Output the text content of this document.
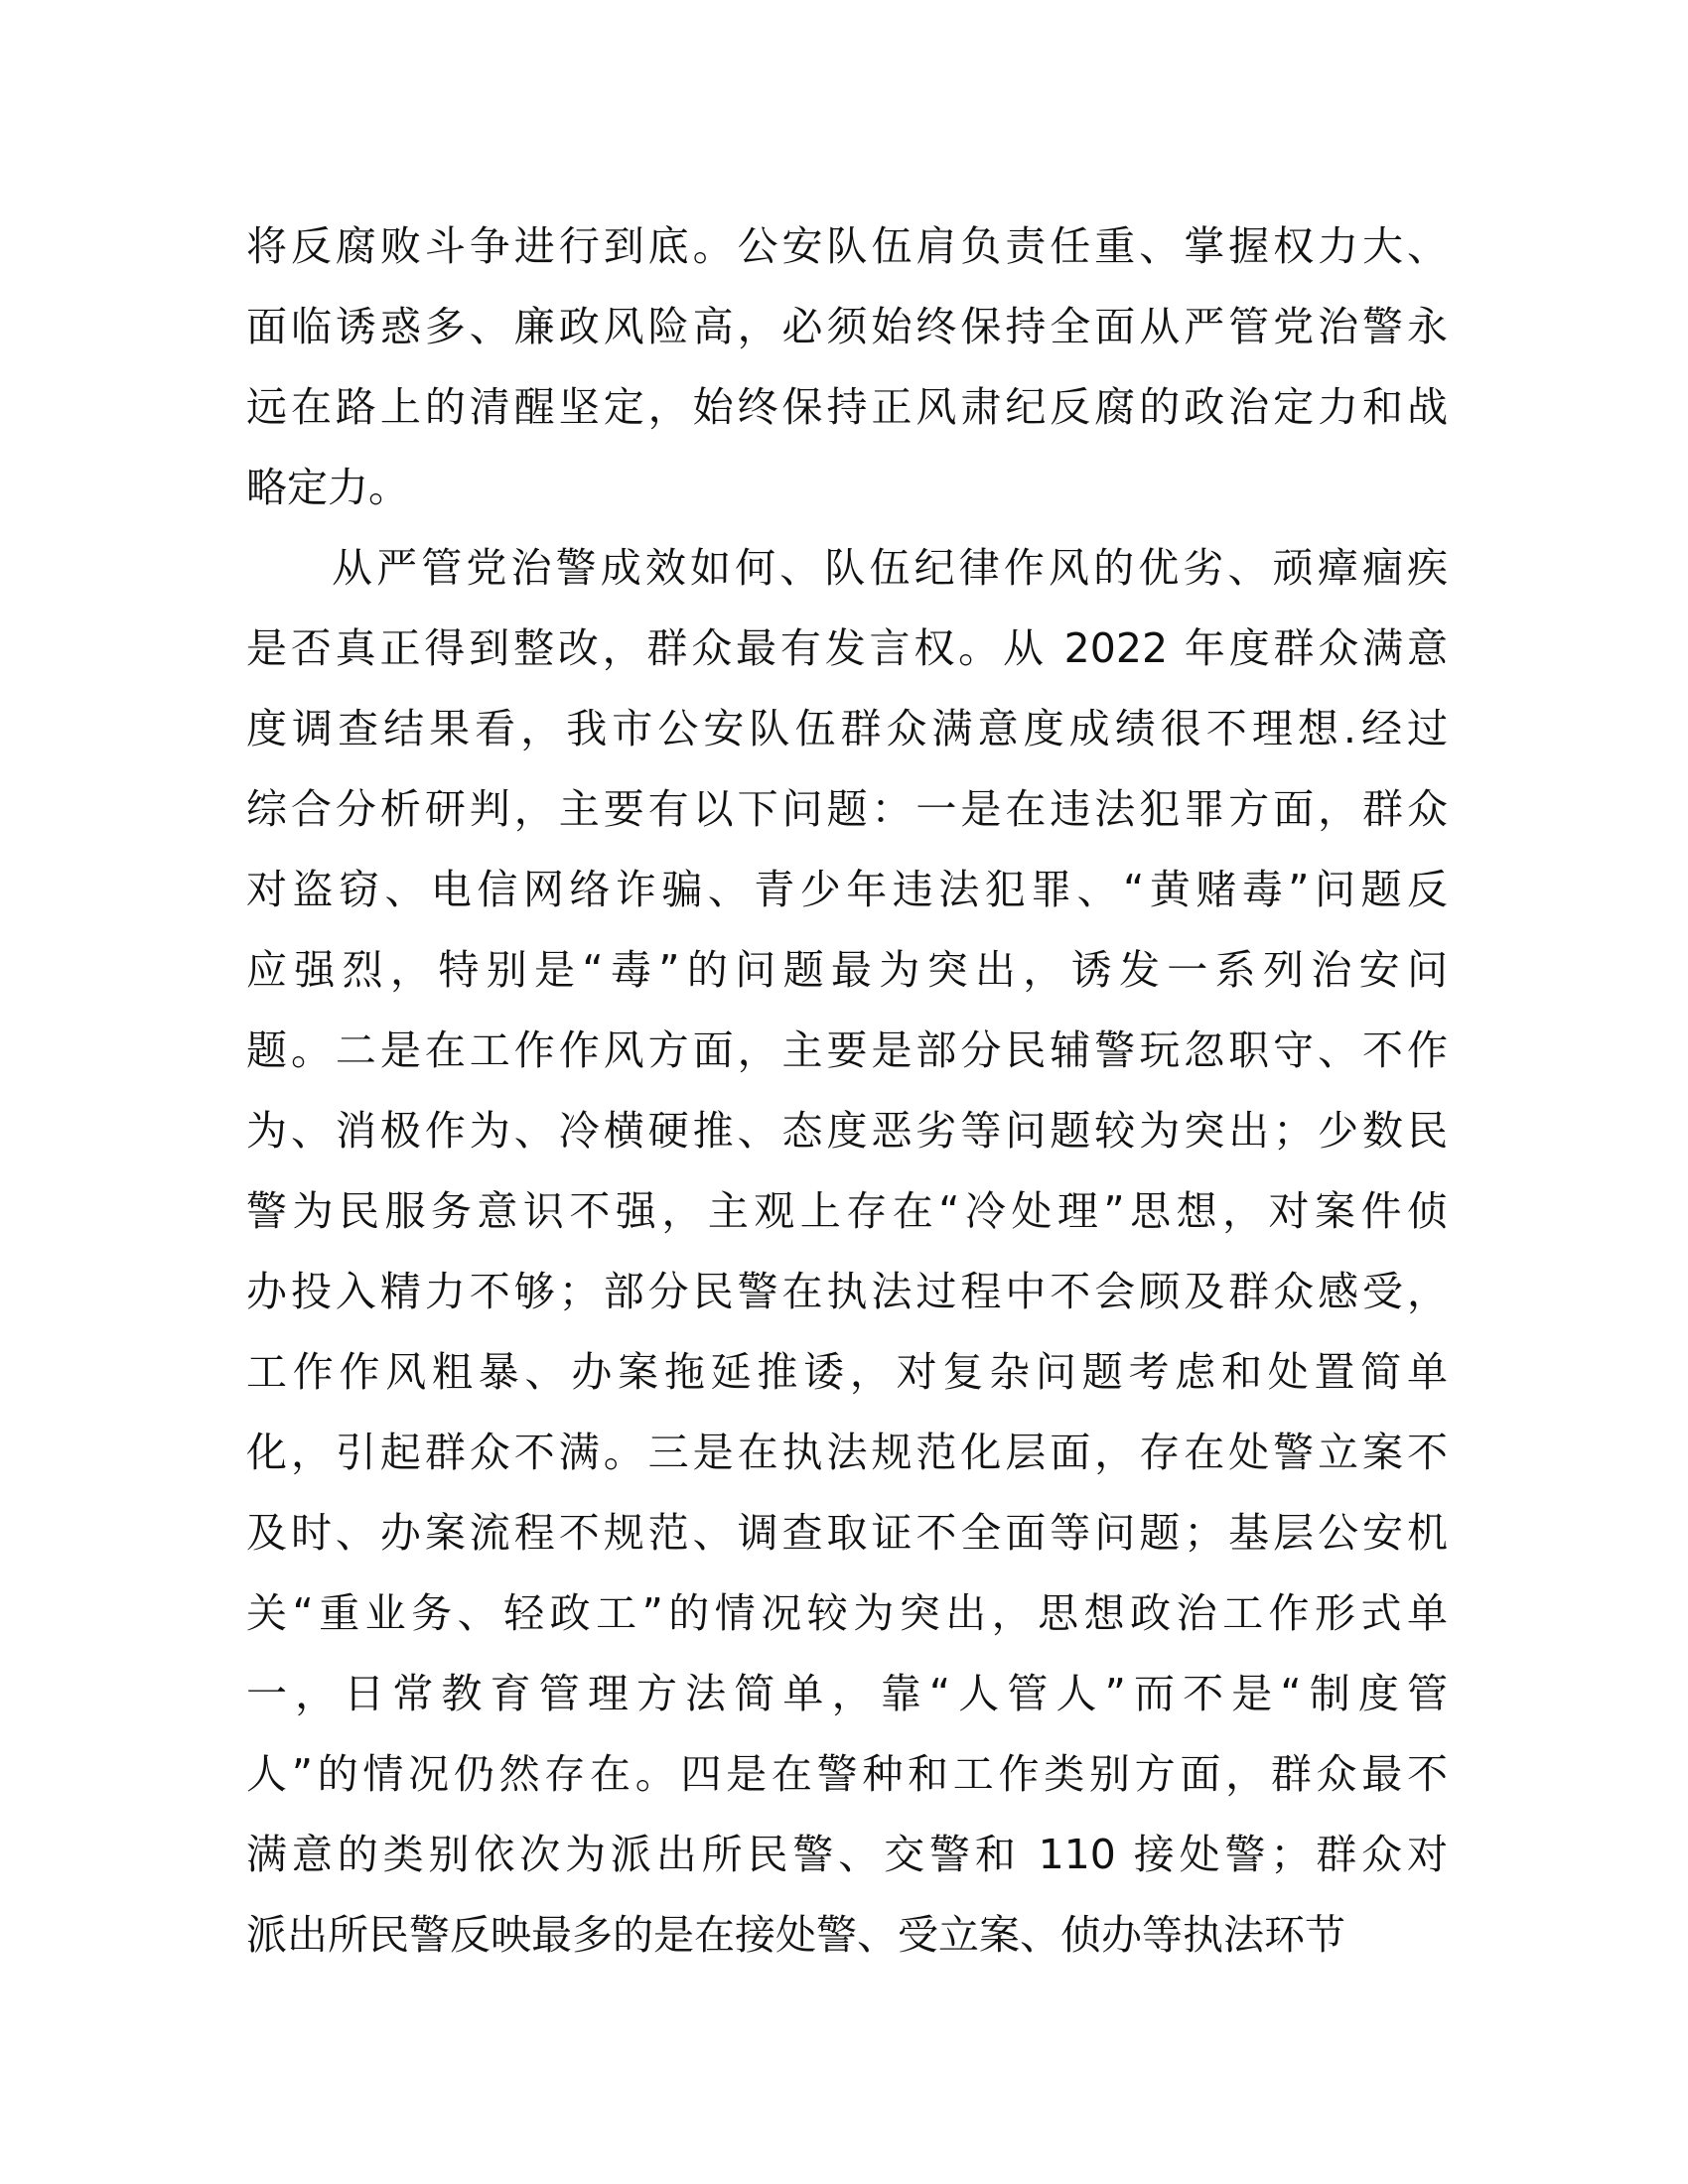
将反腐败斗争进行到底。公安队伍肩负责任重、掌握权力大、
面临诱惑多、廉政风险高，必须始终保持全面从严管党治警永
远在路上的清醒坚定，始终保持正风肃纪反腐的政治定力和战
略定力。
从严管党治警成效如何、队伍纪律作风的优劣、顽瘴痼疾
是否真正得到整改，群众最有发言权。从 2022 年度群众满意
度调查结果看，我市公安队伍群众满意度成绩很不理想.经过
综合分析研判，主要有以下问题：一是在违法犯罪方面，群众
对盗窃、电信网络诈骗、青少年违法犯罪、“黄赌毒”问题反
应强烈，特别是“毒”的问题最为突出，诱发一系列治安问
题。二是在工作作风方面，主要是部分民辅警玩忽职守、不作
为、消极作为、冷横硬推、态度恶劣等问题较为突出；少数民
警为民服务意识不强，主观上存在“冷处理”思想，对案件侦
办投入精力不够；部分民警在执法过程中不会顾及群众感受，
工作作风粗暴、办案拖延推诿，对复杂问题考虑和处置简单
化，引起群众不满。三是在执法规范化层面，存在处警立案不
及时、办案流程不规范、调查取证不全面等问题；基层公安机
关“重业务、轻政工”的情况较为突出，思想政治工作形式单
一，日常教育管理方法简单，靠“人管人”而不是“制度管
人”的情况仍然存在。四是在警种和工作类别方面，群众最不
满意的类别依次为派出所民警、交警和 110 接处警；群众对
派出所民警反映最多的是在接处警、受立案、侦办等执法环节
